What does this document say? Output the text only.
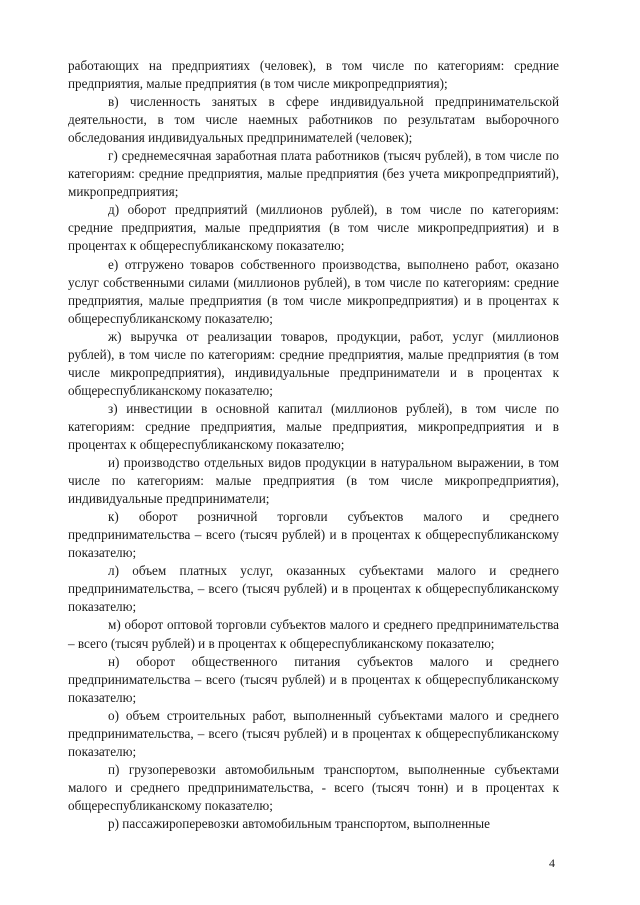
работающих на предприятиях (человек), в том числе по категориям: средние предприятия, малые предприятия (в том числе микропредприятия);

в) численность занятых в сфере индивидуальной предпринимательской деятельности, в том числе наемных работников по результатам выборочного обследования индивидуальных предпринимателей (человек);

г) среднемесячная заработная плата работников (тысяч рублей), в том числе по категориям: средние предприятия, малые предприятия (без учета микропредприятий), микропредприятия;

д) оборот предприятий (миллионов рублей), в том числе по категориям: средние предприятия, малые предприятия (в том числе микропредприятия) и в процентах к общереспубликанскому показателю;

е) отгружено товаров собственного производства, выполнено работ, оказано услуг собственными силами (миллионов рублей), в том числе по категориям: средние предприятия, малые предприятия (в том числе микропредприятия) и в процентах к общереспубликанскому показателю;

ж) выручка от реализации товаров, продукции, работ, услуг (миллионов рублей), в том числе по категориям: средние предприятия, малые предприятия (в том числе микропредприятия), индивидуальные предприниматели и в процентах к общереспубликанскому показателю;

з) инвестиции в основной капитал (миллионов рублей), в том числе по категориям: средние предприятия, малые предприятия, микропредприятия и в процентах к общереспубликанскому показателю;

и) производство отдельных видов продукции в натуральном выражении, в том числе по категориям: малые предприятия (в том числе микропредприятия), индивидуальные предприниматели;

к) оборот розничной торговли субъектов малого и среднего предпринимательства – всего (тысяч рублей) и в процентах к общереспубликанскому показателю;

л) объем платных услуг, оказанных субъектами малого и среднего предпринимательства, – всего (тысяч рублей) и в процентах к общереспубликанскому показателю;

м) оборот оптовой торговли субъектов малого и среднего предпринимательства – всего (тысяч рублей) и в процентах к общереспубликанскому показателю;

н) оборот общественного питания субъектов малого и среднего предпринимательства – всего (тысяч рублей) и в процентах к общереспубликанскому показателю;

о) объем строительных работ, выполненный субъектами малого и среднего предпринимательства, – всего (тысяч рублей) и в процентах к общереспубликанскому показателю;

п) грузоперевозки автомобильным транспортом, выполненные субъектами малого и среднего предпринимательства, - всего (тысяч тонн) и в процентах к общереспубликанскому показателю;

р) пассажироперевозки автомобильным транспортом, выполненные

4
